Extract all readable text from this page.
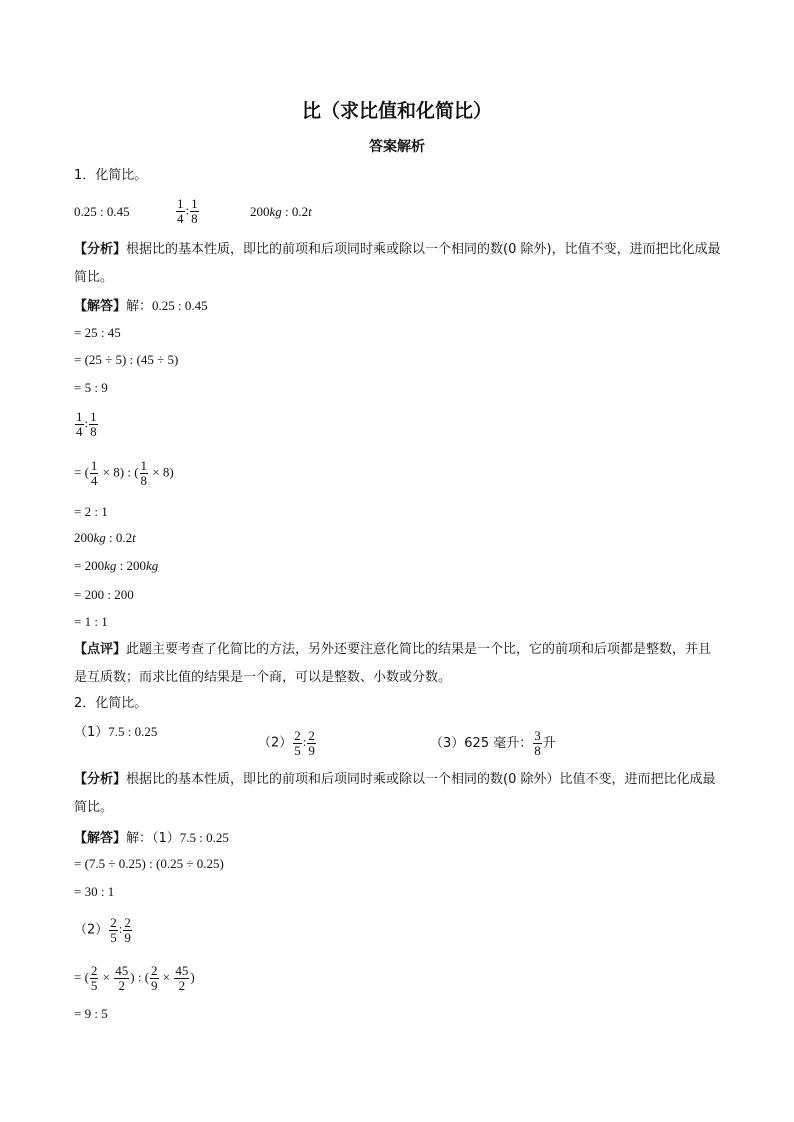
比（求比值和化简比）
答案解析
1．化简比。
0.25 : 0.45	$\frac{1}{4}$ : $\frac{1}{8}$	200kg : 0.2t
【分析】根据比的基本性质，即比的前项和后项同时乘或除以一个相同的数(0 除外)，比值不变，进而把比化成最简比。
【解答】解：0.25 : 0.45
= 25 : 45
= (25 ÷ 5) : (45 ÷ 5)
= 5 : 9
$\frac{1}{4}$ : $\frac{1}{8}$
= ( $\frac{1}{4} \times 8$) : ( $\frac{1}{8} \times 8$)
= 2 : 1
200kg : 0.2t
= 200kg : 200kg
= 200 : 200
= 1 : 1
【点评】此题主要考查了化简比的方法，另外还要注意化简比的结果是一个比，它的前项和后项都是整数，并且是互质数；而求比值的结果是一个商，可以是整数、小数或分数。
2．化简比。
（1）7.5 : 0.25
$(2) \frac{2}{5}$ : $\frac{2}{9}$	（3）625 毫升： $\frac{3}{8}$ 升
【分析】根据比的基本性质，即比的前项和后项同时乘或除以一个相同的数(0 除外）比值不变，进而把比化成最简比。
【解答】解：（1）7.5 : 0.25
= (7.5 ÷ 0.25) : (0.25 ÷ 0.25)
= 30 : 1
$(2) \frac{2}{5}$ : $\frac{2}{9}$
= ( $\frac{2}{5} \times \frac{45}{2}$ ) : ( $\frac{2}{9} \times \frac{45}{2}$ )
= 9 : 5
